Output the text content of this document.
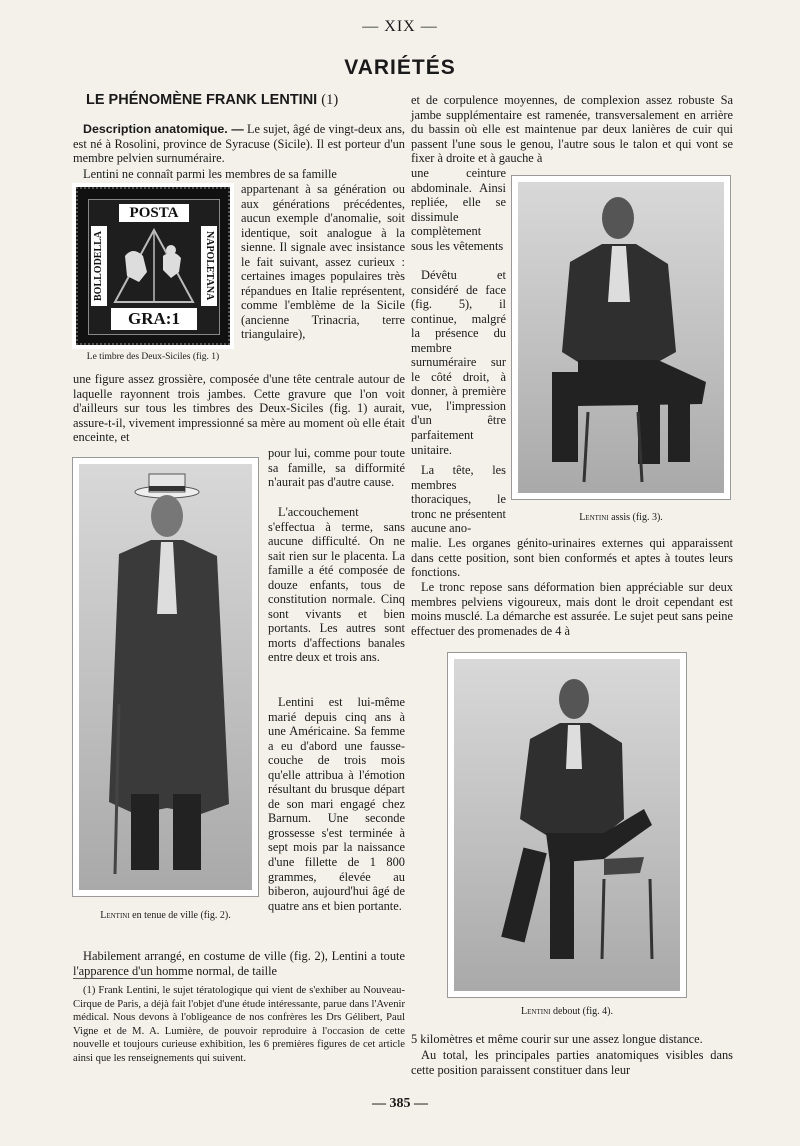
— XIX —
VARIÉTÉS
LE PHÉNOMÈNE FRANK LENTINI (1)
Description anatomique. — Le sujet, âgé de vingt-deux ans, est né à Rosolini, province de Syracuse (Sicile). Il est porteur d'un membre pelvien surnuméraire.
Lentini ne connaît parmi les membres de sa famille
POSTA
BOLLODELLA	NAPOLETANA
GRA:1
Le timbre des Deux-Siciles (fig. 1)
appartenant à sa génération ou aux générations précédentes, aucun exemple d'anomalie, soit identique, soit analogue à la sienne. Il signale avec insistance le fait suivant, assez curieux : certaines images populaires très répandues en Italie représentent, comme l'emblème de la Sicile (ancienne Trinacria, terre triangulaire),
une figure assez grossière, composée d'une tête centrale autour de laquelle rayonnent trois jambes. Cette gravure que l'on voit d'ailleurs sur tous les timbres des Deux-Siciles (fig. 1) aurait, assure-t-il, vivement impressionné sa mère au moment où elle était enceinte, et
Lentini en tenue de ville (fig. 2).
pour lui, comme pour toute sa famille, sa difformité n'aurait pas d'autre cause.
L'accouchement s'effectua à terme, sans aucune difficulté. On ne sait rien sur le placenta. La famille a été composée de douze enfants, tous de constitution normale. Cinq sont vivants et bien portants. Les autres sont morts d'affections banales entre deux et trois ans.
Lentini est lui-même marié depuis cinq ans à une Américaine. Sa femme a eu d'abord une fausse-couche de trois mois qu'elle attribua à l'émotion résultant du brusque départ de son mari engagé chez Barnum. Une seconde grossesse s'est terminée à sept mois par la naissance d'une fillette de 1 800 grammes, élevée au biberon, aujourd'hui âgé de quatre ans et bien portante.
Habilement arrangé, en costume de ville (fig. 2), Lentini a toute l'apparence d'un homme normal, de taille
(1) Frank Lentini, le sujet tératologique qui vient de s'exhiber au Nouveau-Cirque de Paris, a déjà fait l'objet d'une étude intéressante, parue dans l'Avenir médical. Nous devons à l'obligeance de nos confrères les Drs Gélibert, Paul Vigne et de M. A. Lumière, de pouvoir reproduire à l'occasion de cette nouvelle et toujours curieuse exhibition, les 6 premières figures de cet article ainsi que les renseignements qui suivent.
et de corpulence moyennes, de complexion assez robuste Sa jambe supplémentaire est ramenée, transversalement en arrière du bassin où elle est maintenue par deux lanières de cuir qui passent l'une sous le genou, l'autre sous le talon et qui vont se fixer à droite et à gauche à
une ceinture abdominale. Ainsi repliée, elle se dissimule complètement sous les vêtements
Dévêtu et considéré de face (fig. 5), il continue, malgré la présence du membre surnuméraire sur le côté droit, à donner, à première vue, l'impression d'un être parfaitement unitaire.
La tête, les membres thoraciques, le tronc ne présentent aucune ano-
Lentini assis (fig. 3).
malie. Les organes génito-urinaires externes qui apparaissent dans cette position, sont bien conformés et aptes à toutes leurs fonctions.
Le tronc repose sans déformation bien appréciable sur deux membres pelviens vigoureux, mais dont le droit cependant est moins musclé. La démarche est assurée. Le sujet peut sans peine effectuer des promenades de 4 à
Lentini debout (fig. 4).
5 kilomètres et même courir sur une assez longue distance.
Au total, les principales parties anatomiques visibles dans cette position paraissent constituer dans leur
— 385 —
